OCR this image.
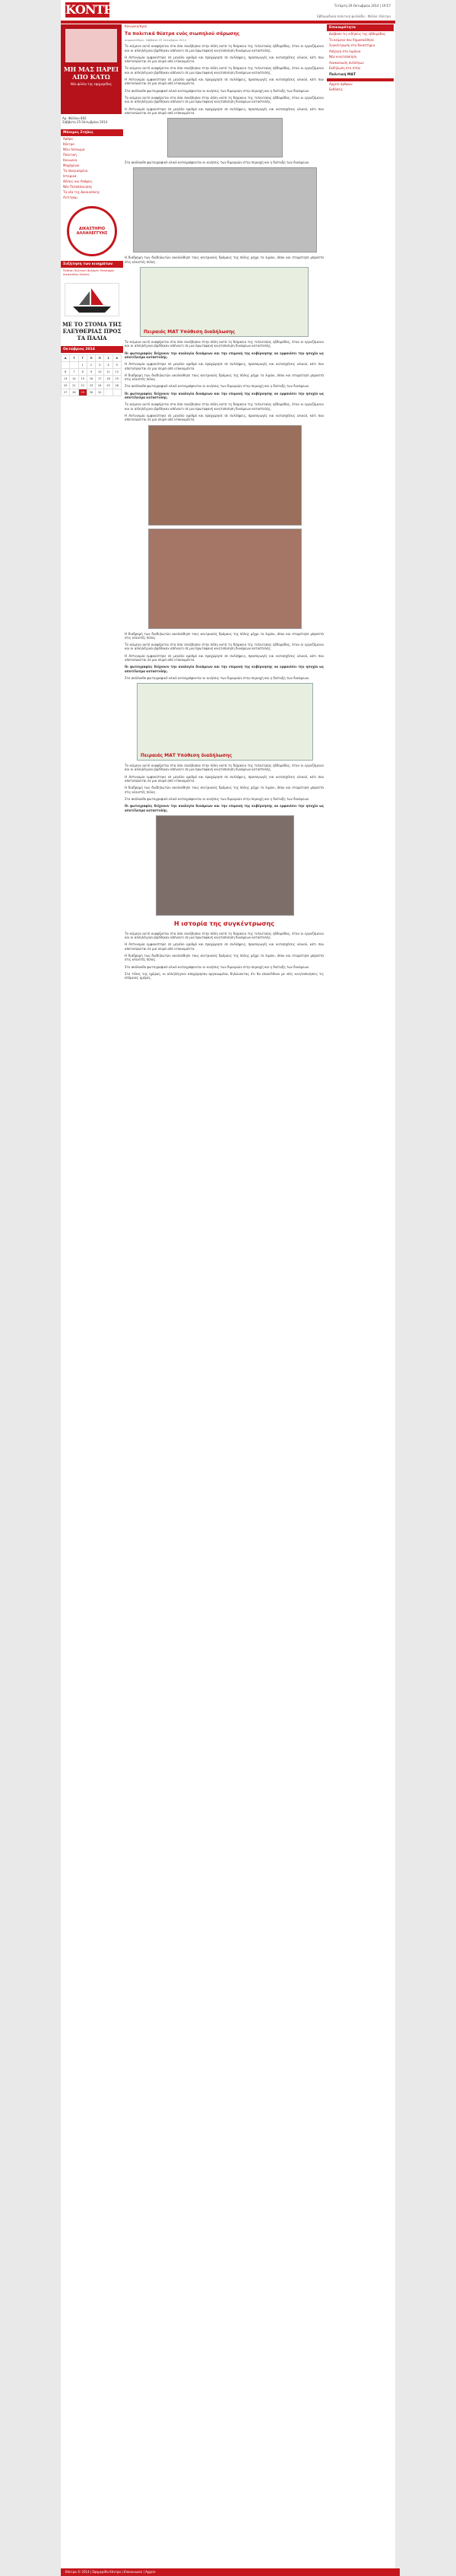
ΚΟΝΤΡΑ	Τετάρτη 29 Οκτωβρίου 2014 | 19:57
Εβδομαδιαία πολιτική φυλλάδα - Φύλλο: Κόντρα
ΜΗ ΜΑΣ ΠΑΡΕΙ ΑΠΟ ΚΑΤΩ
Νέο φύλλο της εφημερίδας
Αρ. Φύλλου 802
Σάββατο 25 Οκτωβρίου 2014
Μόνιμες Στήλες
Άρθρα
Κόντρα
Νέοι Λεύκωμα
Πολιτική
Κοινωνία
Μαχόμενοι
Τα πλαγιασμένα
Ιστορικά
Θέσεις και Απόψεις
Νέα Πελοπόννησος
Τα νέα της Δικαιοσύνης
Αντιτρομ
ΔΙΚΑΣΤΗΡΙΟ ΑΛΛΗΛΕΓΓΥΗΣ
Συζήτηση των κινημάτων
Έκθεση Πολιτική Φυλακές Ρατσισμός Δικαιοσύνη Αγώνες
ΜΕ ΤΟ ΣΤΟΜΑ ΤΗΣ ΕΛΕΥΘΕΡΙΑΣ ΠΡΟΣ ΤΑ ΠΑΛΙΑ
Οκτώβριος 2014
Δ	Τ	Τ	Π	Π	Σ	Κ
		1	2	3	4	5
6	7	8	9	10	11	12
13	14	15	16	17	18	19
20	21	22	23	24	25	26
27	28	29	30	31		
Κοινωνία/Ιεροί
Τα πολιτικά θέατρα ενός σιωπηλού σάρωσης
Δημοσιεύθηκε: Σάββατο 25 Οκτωβρίου 2014

Το κείμενο αυτό αναφέρεται στα όσα συνέβησαν στην πόλη κατά τη διάρκεια της τελευταίας εβδομάδας, όταν οι εργαζόμενοι και οι αλληλέγγυοι βρέθηκαν απέναντι σε μια πρωτοφανή κινητοποίηση δυνάμεων καταστολής.

Η Αστυνομία εμφανίστηκε σε μεγάλο αριθμό και προχώρησε σε συλλήψεις, προσαγωγές και κατασχέσεις υλικού, κάτι που αποτυπώνεται σε μια σειρά από ντοκουμέντα.

Το κείμενο αυτό αναφέρεται στα όσα συνέβησαν στην πόλη κατά τη διάρκεια της τελευταίας εβδομάδας, όταν οι εργαζόμενοι και οι αλληλέγγυοι βρέθηκαν απέναντι σε μια πρωτοφανή κινητοποίηση δυνάμεων καταστολής.

Η Αστυνομία εμφανίστηκε σε μεγάλο αριθμό και προχώρησε σε συλλήψεις, προσαγωγές και κατασχέσεις υλικού, κάτι που αποτυπώνεται σε μια σειρά από ντοκουμέντα.

Στο ακόλουθο φωτογραφικό υλικό καταγράφονται οι κινήσεις των διμοιριών στην περιοχή και η διάταξη των δυνάμεων.

Το κείμενο αυτό αναφέρεται στα όσα συνέβησαν στην πόλη κατά τη διάρκεια της τελευταίας εβδομάδας, όταν οι εργαζόμενοι και οι αλληλέγγυοι βρέθηκαν απέναντι σε μια πρωτοφανή κινητοποίηση δυνάμεων καταστολής.

Η Αστυνομία εμφανίστηκε σε μεγάλο αριθμό και προχώρησε σε συλλήψεις, προσαγωγές και κατασχέσεις υλικού, κάτι που αποτυπώνεται σε μια σειρά από ντοκουμέντα.

Στο ακόλουθο φωτογραφικό υλικό καταγράφονται οι κινήσεις των διμοιριών στην περιοχή και η διάταξη των δυνάμεων.

Η διαδρομή των διαδηλωτών ακολούθησε τους κεντρικούς δρόμους της πόλης μέχρι το λιμάνι, όπου και σταμάτησε μπροστά στις κλειστές πύλες.

Πειραιάς ΜΑΤ Υπόθεση διαδήλωσης

Το κείμενο αυτό αναφέρεται στα όσα συνέβησαν στην πόλη κατά τη διάρκεια της τελευταίας εβδομάδας, όταν οι εργαζόμενοι και οι αλληλέγγυοι βρέθηκαν απέναντι σε μια πρωτοφανή κινητοποίηση δυνάμεων καταστολής.

Οι φωτογραφίες δείχνουν την αναλογία δυνάμεων και την επιμονή της κυβέρνησης να εμφανίσει την ησυχία ως αποτέλεσμα καταστολής.

Η Αστυνομία εμφανίστηκε σε μεγάλο αριθμό και προχώρησε σε συλλήψεις, προσαγωγές και κατασχέσεις υλικού, κάτι που αποτυπώνεται σε μια σειρά από ντοκουμέντα.

Η διαδρομή των διαδηλωτών ακολούθησε τους κεντρικούς δρόμους της πόλης μέχρι το λιμάνι, όπου και σταμάτησε μπροστά στις κλειστές πύλες.

Στο ακόλουθο φωτογραφικό υλικό καταγράφονται οι κινήσεις των διμοιριών στην περιοχή και η διάταξη των δυνάμεων.

Οι φωτογραφίες δείχνουν την αναλογία δυνάμεων και την επιμονή της κυβέρνησης να εμφανίσει την ησυχία ως αποτέλεσμα καταστολής.

Το κείμενο αυτό αναφέρεται στα όσα συνέβησαν στην πόλη κατά τη διάρκεια της τελευταίας εβδομάδας, όταν οι εργαζόμενοι και οι αλληλέγγυοι βρέθηκαν απέναντι σε μια πρωτοφανή κινητοποίηση δυνάμεων καταστολής.

Η Αστυνομία εμφανίστηκε σε μεγάλο αριθμό και προχώρησε σε συλλήψεις, προσαγωγές και κατασχέσεις υλικού, κάτι που αποτυπώνεται σε μια σειρά από ντοκουμέντα.

Η διαδρομή των διαδηλωτών ακολούθησε τους κεντρικούς δρόμους της πόλης μέχρι το λιμάνι, όπου και σταμάτησε μπροστά στις κλειστές πύλες.

Το κείμενο αυτό αναφέρεται στα όσα συνέβησαν στην πόλη κατά τη διάρκεια της τελευταίας εβδομάδας, όταν οι εργαζόμενοι και οι αλληλέγγυοι βρέθηκαν απέναντι σε μια πρωτοφανή κινητοποίηση δυνάμεων καταστολής.

Η Αστυνομία εμφανίστηκε σε μεγάλο αριθμό και προχώρησε σε συλλήψεις, προσαγωγές και κατασχέσεις υλικού, κάτι που αποτυπώνεται σε μια σειρά από ντοκουμέντα.

Οι φωτογραφίες δείχνουν την αναλογία δυνάμεων και την επιμονή της κυβέρνησης να εμφανίσει την ησυχία ως αποτέλεσμα καταστολής.

Στο ακόλουθο φωτογραφικό υλικό καταγράφονται οι κινήσεις των διμοιριών στην περιοχή και η διάταξη των δυνάμεων.

Πειραιάς ΜΑΤ Υπόθεση διαδήλωσης

Το κείμενο αυτό αναφέρεται στα όσα συνέβησαν στην πόλη κατά τη διάρκεια της τελευταίας εβδομάδας, όταν οι εργαζόμενοι και οι αλληλέγγυοι βρέθηκαν απέναντι σε μια πρωτοφανή κινητοποίηση δυνάμεων καταστολής.

Η Αστυνομία εμφανίστηκε σε μεγάλο αριθμό και προχώρησε σε συλλήψεις, προσαγωγές και κατασχέσεις υλικού, κάτι που αποτυπώνεται σε μια σειρά από ντοκουμέντα.

Η διαδρομή των διαδηλωτών ακολούθησε τους κεντρικούς δρόμους της πόλης μέχρι το λιμάνι, όπου και σταμάτησε μπροστά στις κλειστές πύλες.

Στο ακόλουθο φωτογραφικό υλικό καταγράφονται οι κινήσεις των διμοιριών στην περιοχή και η διάταξη των δυνάμεων.

Οι φωτογραφίες δείχνουν την αναλογία δυνάμεων και την επιμονή της κυβέρνησης να εμφανίσει την ησυχία ως αποτέλεσμα καταστολής.

Η ιστορία της συγκέντρωσης

Το κείμενο αυτό αναφέρεται στα όσα συνέβησαν στην πόλη κατά τη διάρκεια της τελευταίας εβδομάδας, όταν οι εργαζόμενοι και οι αλληλέγγυοι βρέθηκαν απέναντι σε μια πρωτοφανή κινητοποίηση δυνάμεων καταστολής.

Η Αστυνομία εμφανίστηκε σε μεγάλο αριθμό και προχώρησε σε συλλήψεις, προσαγωγές και κατασχέσεις υλικού, κάτι που αποτυπώνεται σε μια σειρά από ντοκουμέντα.

Η διαδρομή των διαδηλωτών ακολούθησε τους κεντρικούς δρόμους της πόλης μέχρι το λιμάνι, όπου και σταμάτησε μπροστά στις κλειστές πύλες.

Στο ακόλουθο φωτογραφικό υλικό καταγράφονται οι κινήσεις των διμοιριών στην περιοχή και η διάταξη των δυνάμεων.

Στο τέλος της ημέρας, οι αλληλέγγυοι αποχώρησαν οργανωμένα, δηλώνοντας ότι θα επανέλθουν με νέες κινητοποιήσεις τις επόμενες ημέρες.

Επικαιρότητα
Διάβασε τις ειδήσεις της εβδομάδας
Το κείμενο που δημοσιεύθηκε
Συγκέντρωση στα δικαστήρια
Απεργία στα λιμάνια
Νέα κινητοποίηση
Ανακοίνωση συλλόγων
Εκδήλωση στο στέκι
Πολιτική ΜΑΤ
Αρχείο άρθρων
Εκδόσεις
Κόντρα © 2014 | Εφημερίδα Κόντρα | Επικοινωνία | Αρχείο
